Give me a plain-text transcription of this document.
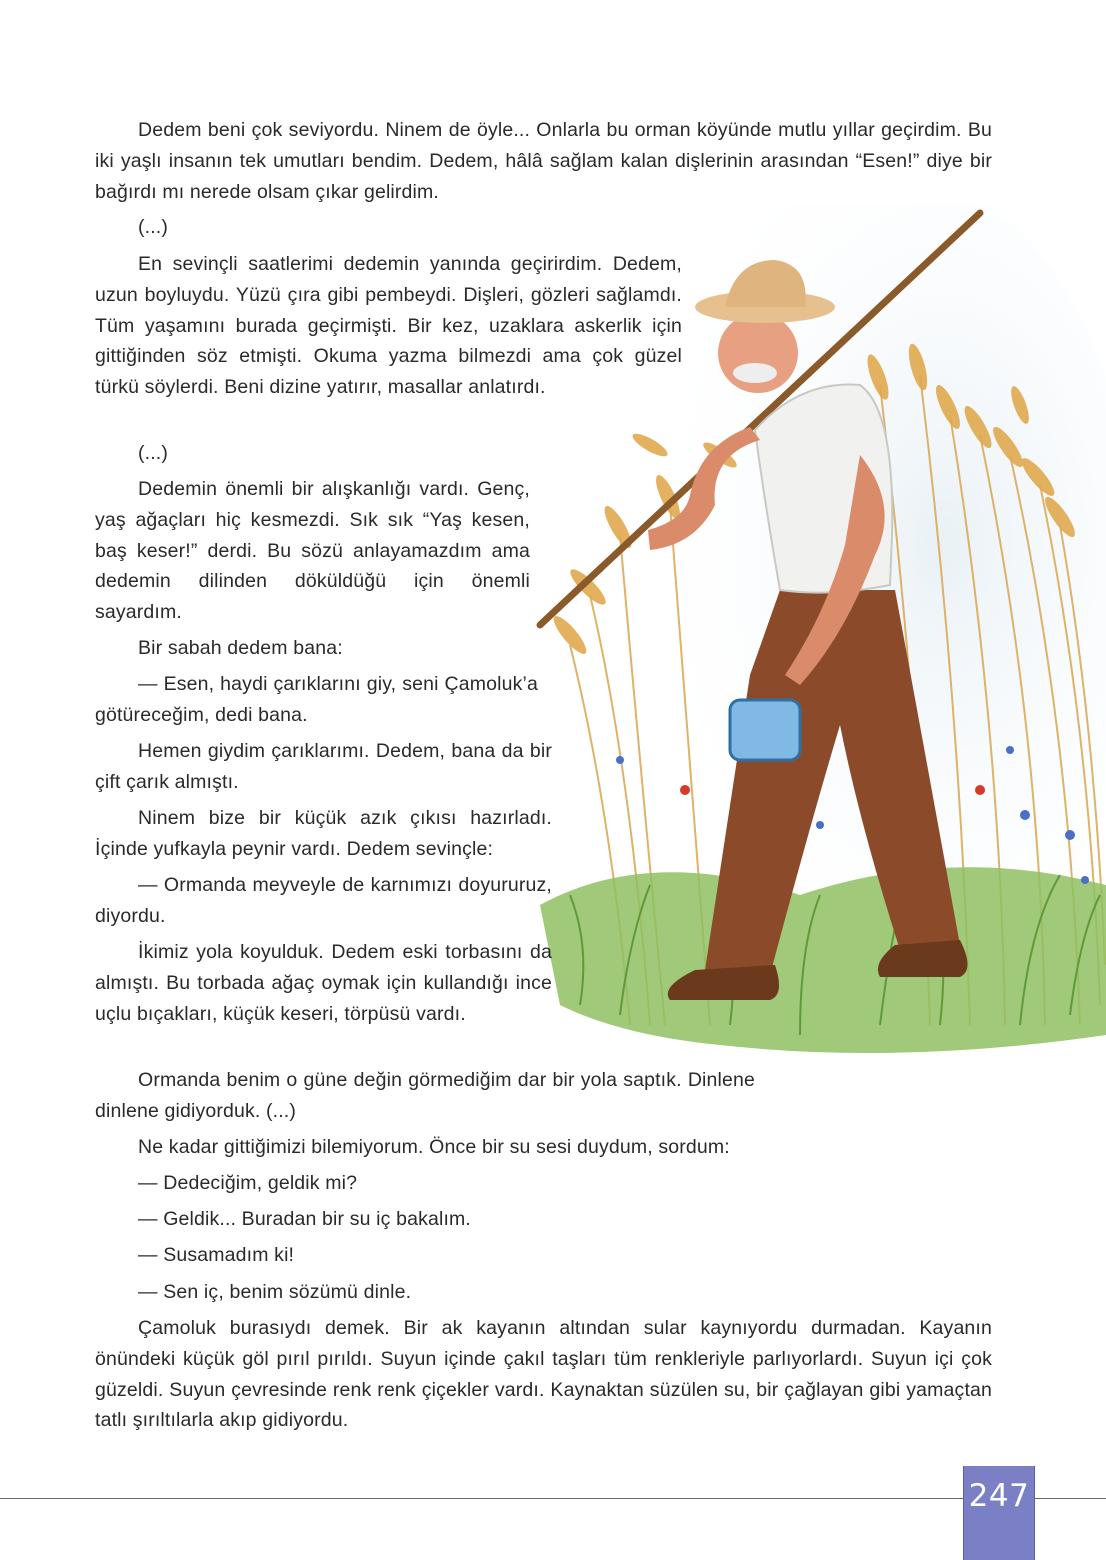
Dedem beni çok seviyordu. Ninem de öyle... Onlarla bu orman köyünde mutlu yıllar geçirdim. Bu iki yaşlı insanın tek umutları bendim. Dedem, hâlâ sağlam kalan dişlerinin arasından “Esen!” diye bir bağırdı mı nerede olsam çıkar gelirdim.

(...)

En sevinçli saatlerimi dedemin yanında geçirirdim. Dedem, uzun boyluydu. Yüzü çıra gibi pembeydi. Dişleri, gözleri sağlamdı. Tüm yaşamını burada geçirmişti. Bir kez, uzaklara askerlik için gittiğinden söz etmişti. Okuma yazma bilmezdi ama çok güzel türkü söylerdi. Beni dizine yatırır, masallar anlatırdı.

(...)

Dedemin önemli bir alışkanlığı vardı. Genç, yaş ağaçları hiç kesmezdi. Sık sık “Yaş kesen, baş keser!” derdi. Bu sözü anlayamazdım ama dedemin dilinden döküldüğü için önemli sayardım.

Bir sabah dedem bana:

— Esen, haydi çarıklarını giy, seni Çamoluk’a götüreceğim, dedi bana.

Hemen giydim çarıklarımı. Dedem, bana da bir çift çarık almıştı.

Ninem bize bir küçük azık çıkısı hazırladı. İçinde yufkayla peynir vardı. Dedem sevinçle:

— Ormanda meyveyle de karnımızı doyururuz, diyordu.

İkimiz yola koyulduk. Dedem eski torbasını da almıştı. Bu torbada ağaç oymak için kullandığı ince uçlu bıçakları, küçük keseri, törpüsü vardı.

Ormanda benim o güne değin görmediğim dar bir yola saptık. Dinlene dinlene gidiyorduk. (...)

Ne kadar gittiğimizi bilemiyorum. Önce bir su sesi duydum, sordum:

— Dedeciğim, geldik mi?

— Geldik... Buradan bir su iç bakalım.

— Susamadım ki!

— Sen iç, benim sözümü dinle.

Çamoluk burasıydı demek. Bir ak kayanın altından sular kaynıyordu durmadan. Kayanın önündeki küçük göl pırıl pırıldı. Suyun içinde çakıl taşları tüm renkleriyle parlıyorlardı. Suyun içi çok güzeldi. Suyun çevresinde renk renk çiçekler vardı. Kaynaktan süzülen su, bir çağlayan gibi yamaçtan tatlı şırıltılarla akıp gidiyordu.

247
